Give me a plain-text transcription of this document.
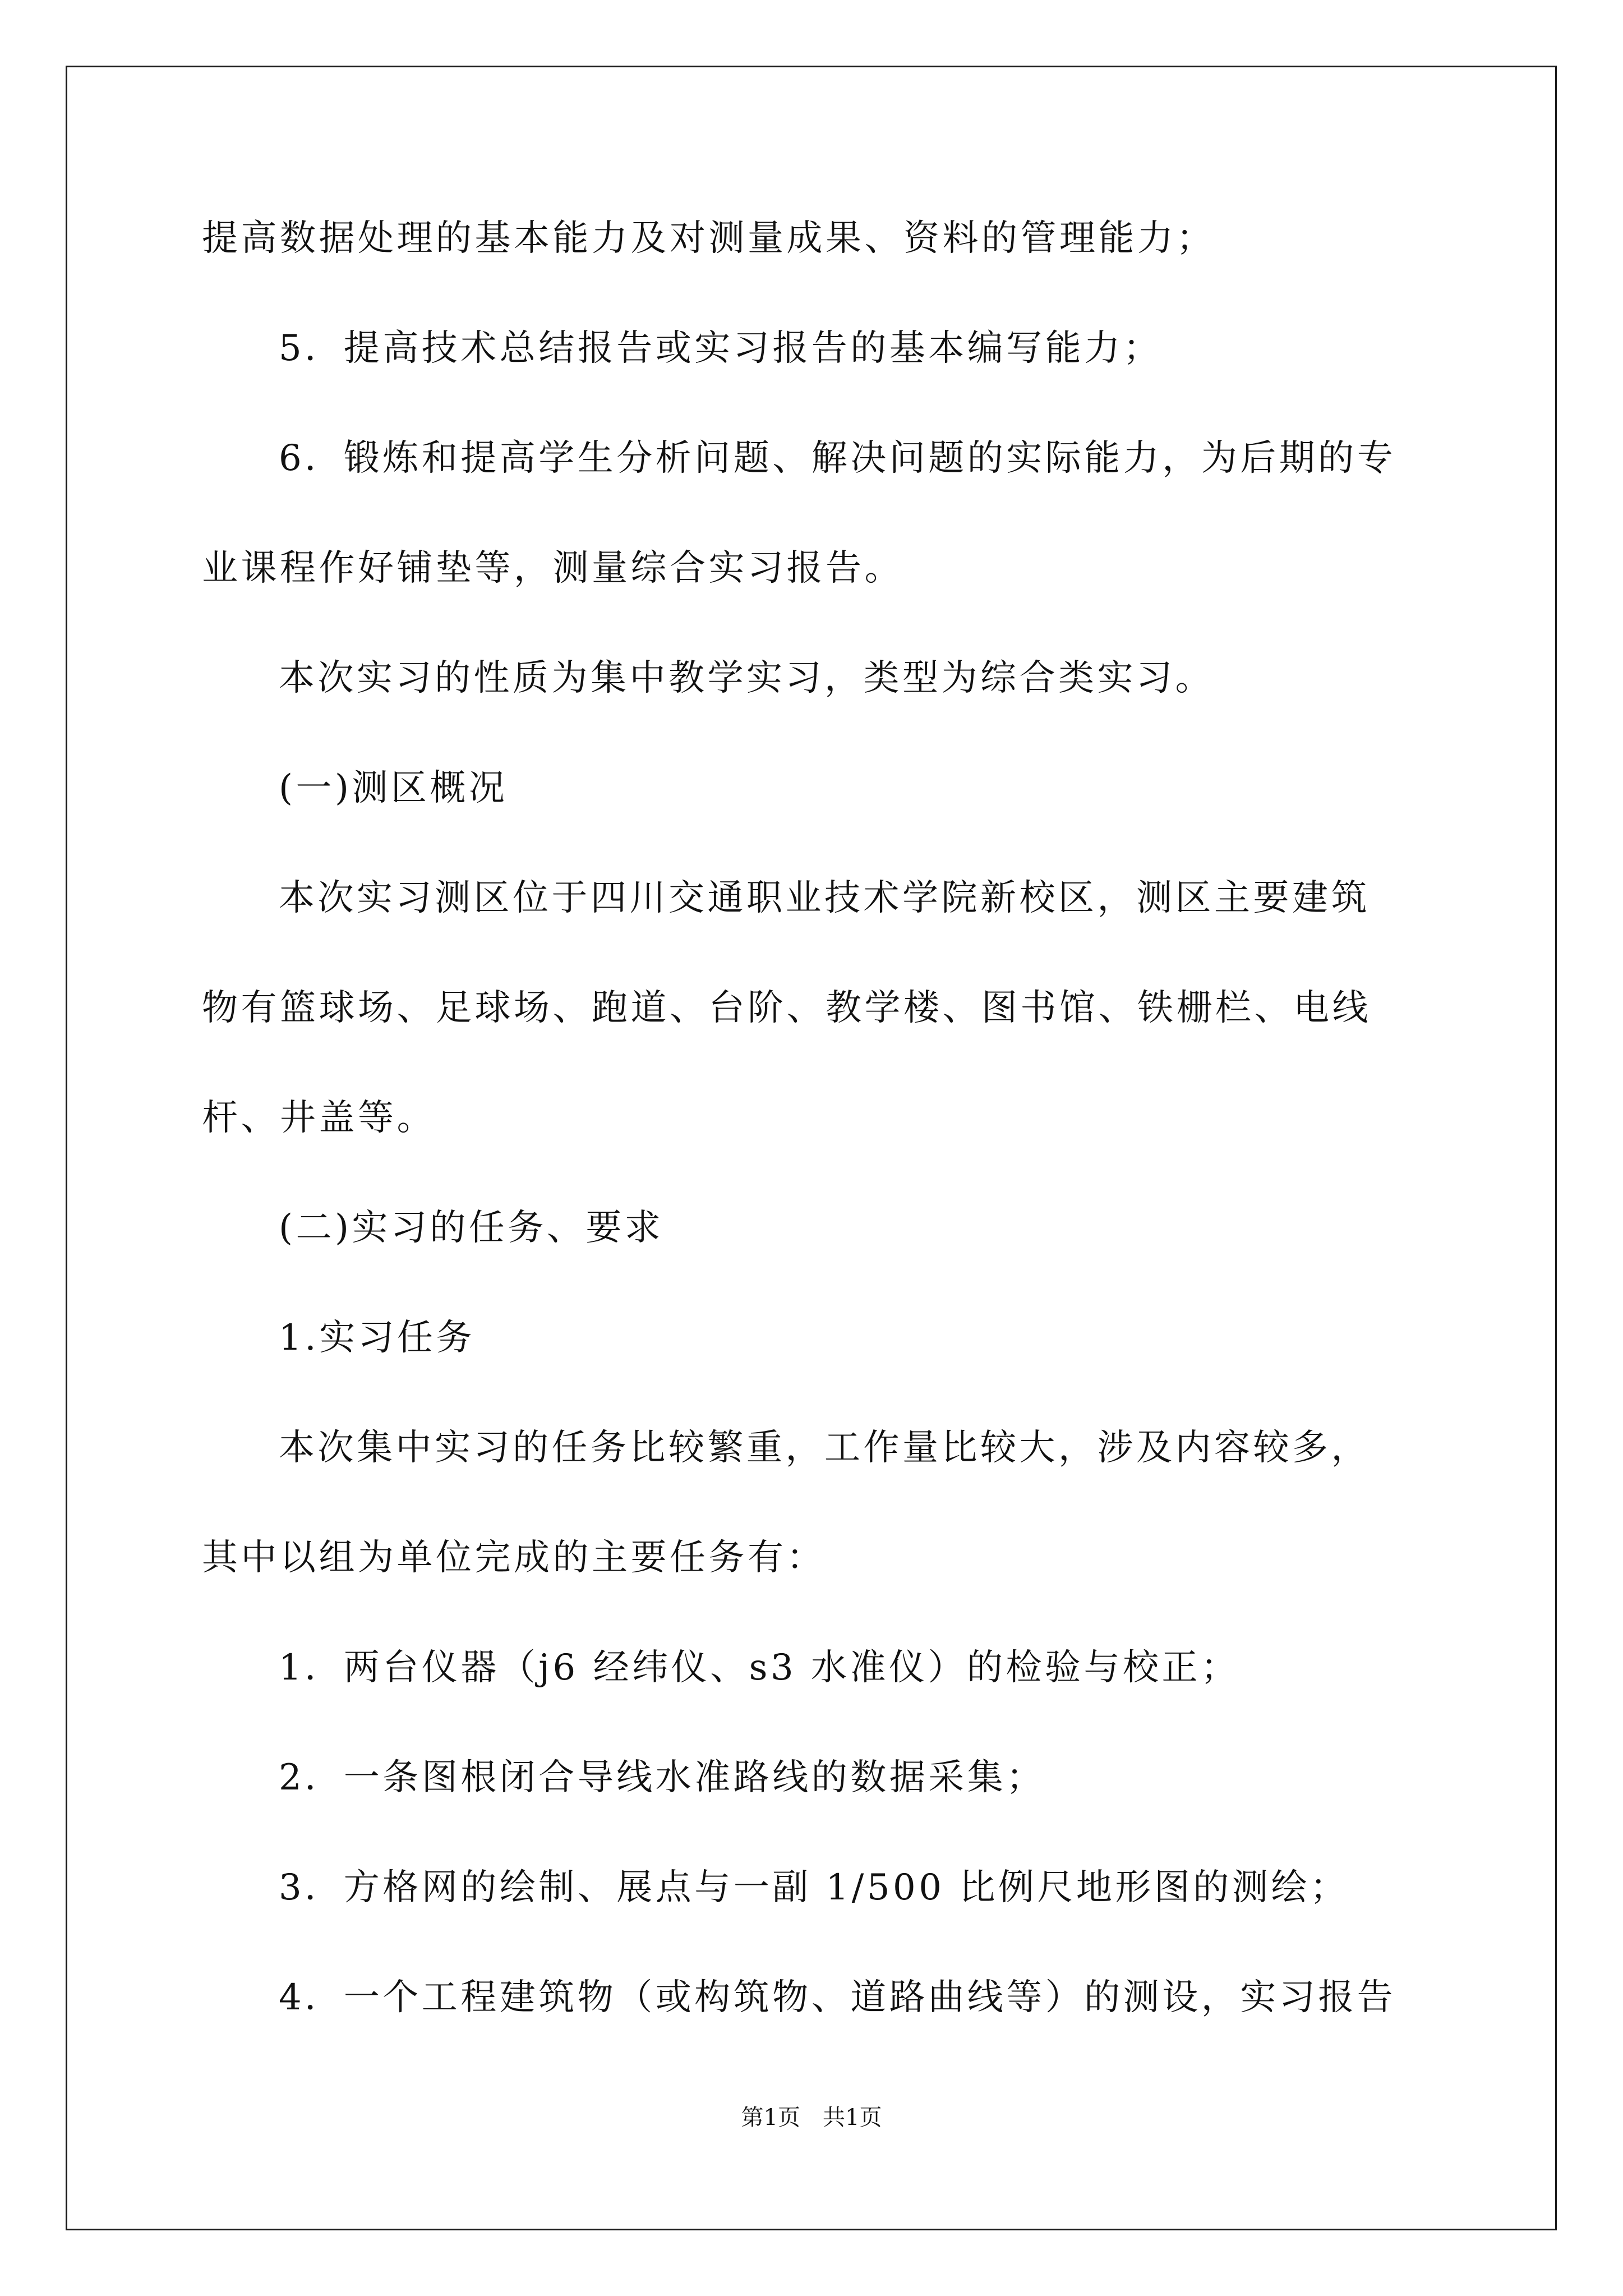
提高数据处理的基本能力及对测量成果、资料的管理能力；
5．提高技术总结报告或实习报告的基本编写能力；
6．锻炼和提高学生分析问题、解决问题的实际能力，为后期的专
业课程作好铺垫等，测量综合实习报告。
本次实习的性质为集中教学实习，类型为综合类实习。
(一)测区概况
本次实习测区位于四川交通职业技术学院新校区，测区主要建筑
物有篮球场、足球场、跑道、台阶、教学楼、图书馆、铁栅栏、电线
杆、井盖等。
(二)实习的任务、要求
1.实习任务
本次集中实习的任务比较繁重，工作量比较大，涉及内容较多，
其中以组为单位完成的主要任务有：
1．两台仪器（j6 经纬仪、s3 水准仪）的检验与校正；
2．一条图根闭合导线水准路线的数据采集；
3．方格网的绘制、展点与一副 1/500 比例尺地形图的测绘；
4．一个工程建筑物（或构筑物、道路曲线等）的测设，实习报告
第1页　共1页
